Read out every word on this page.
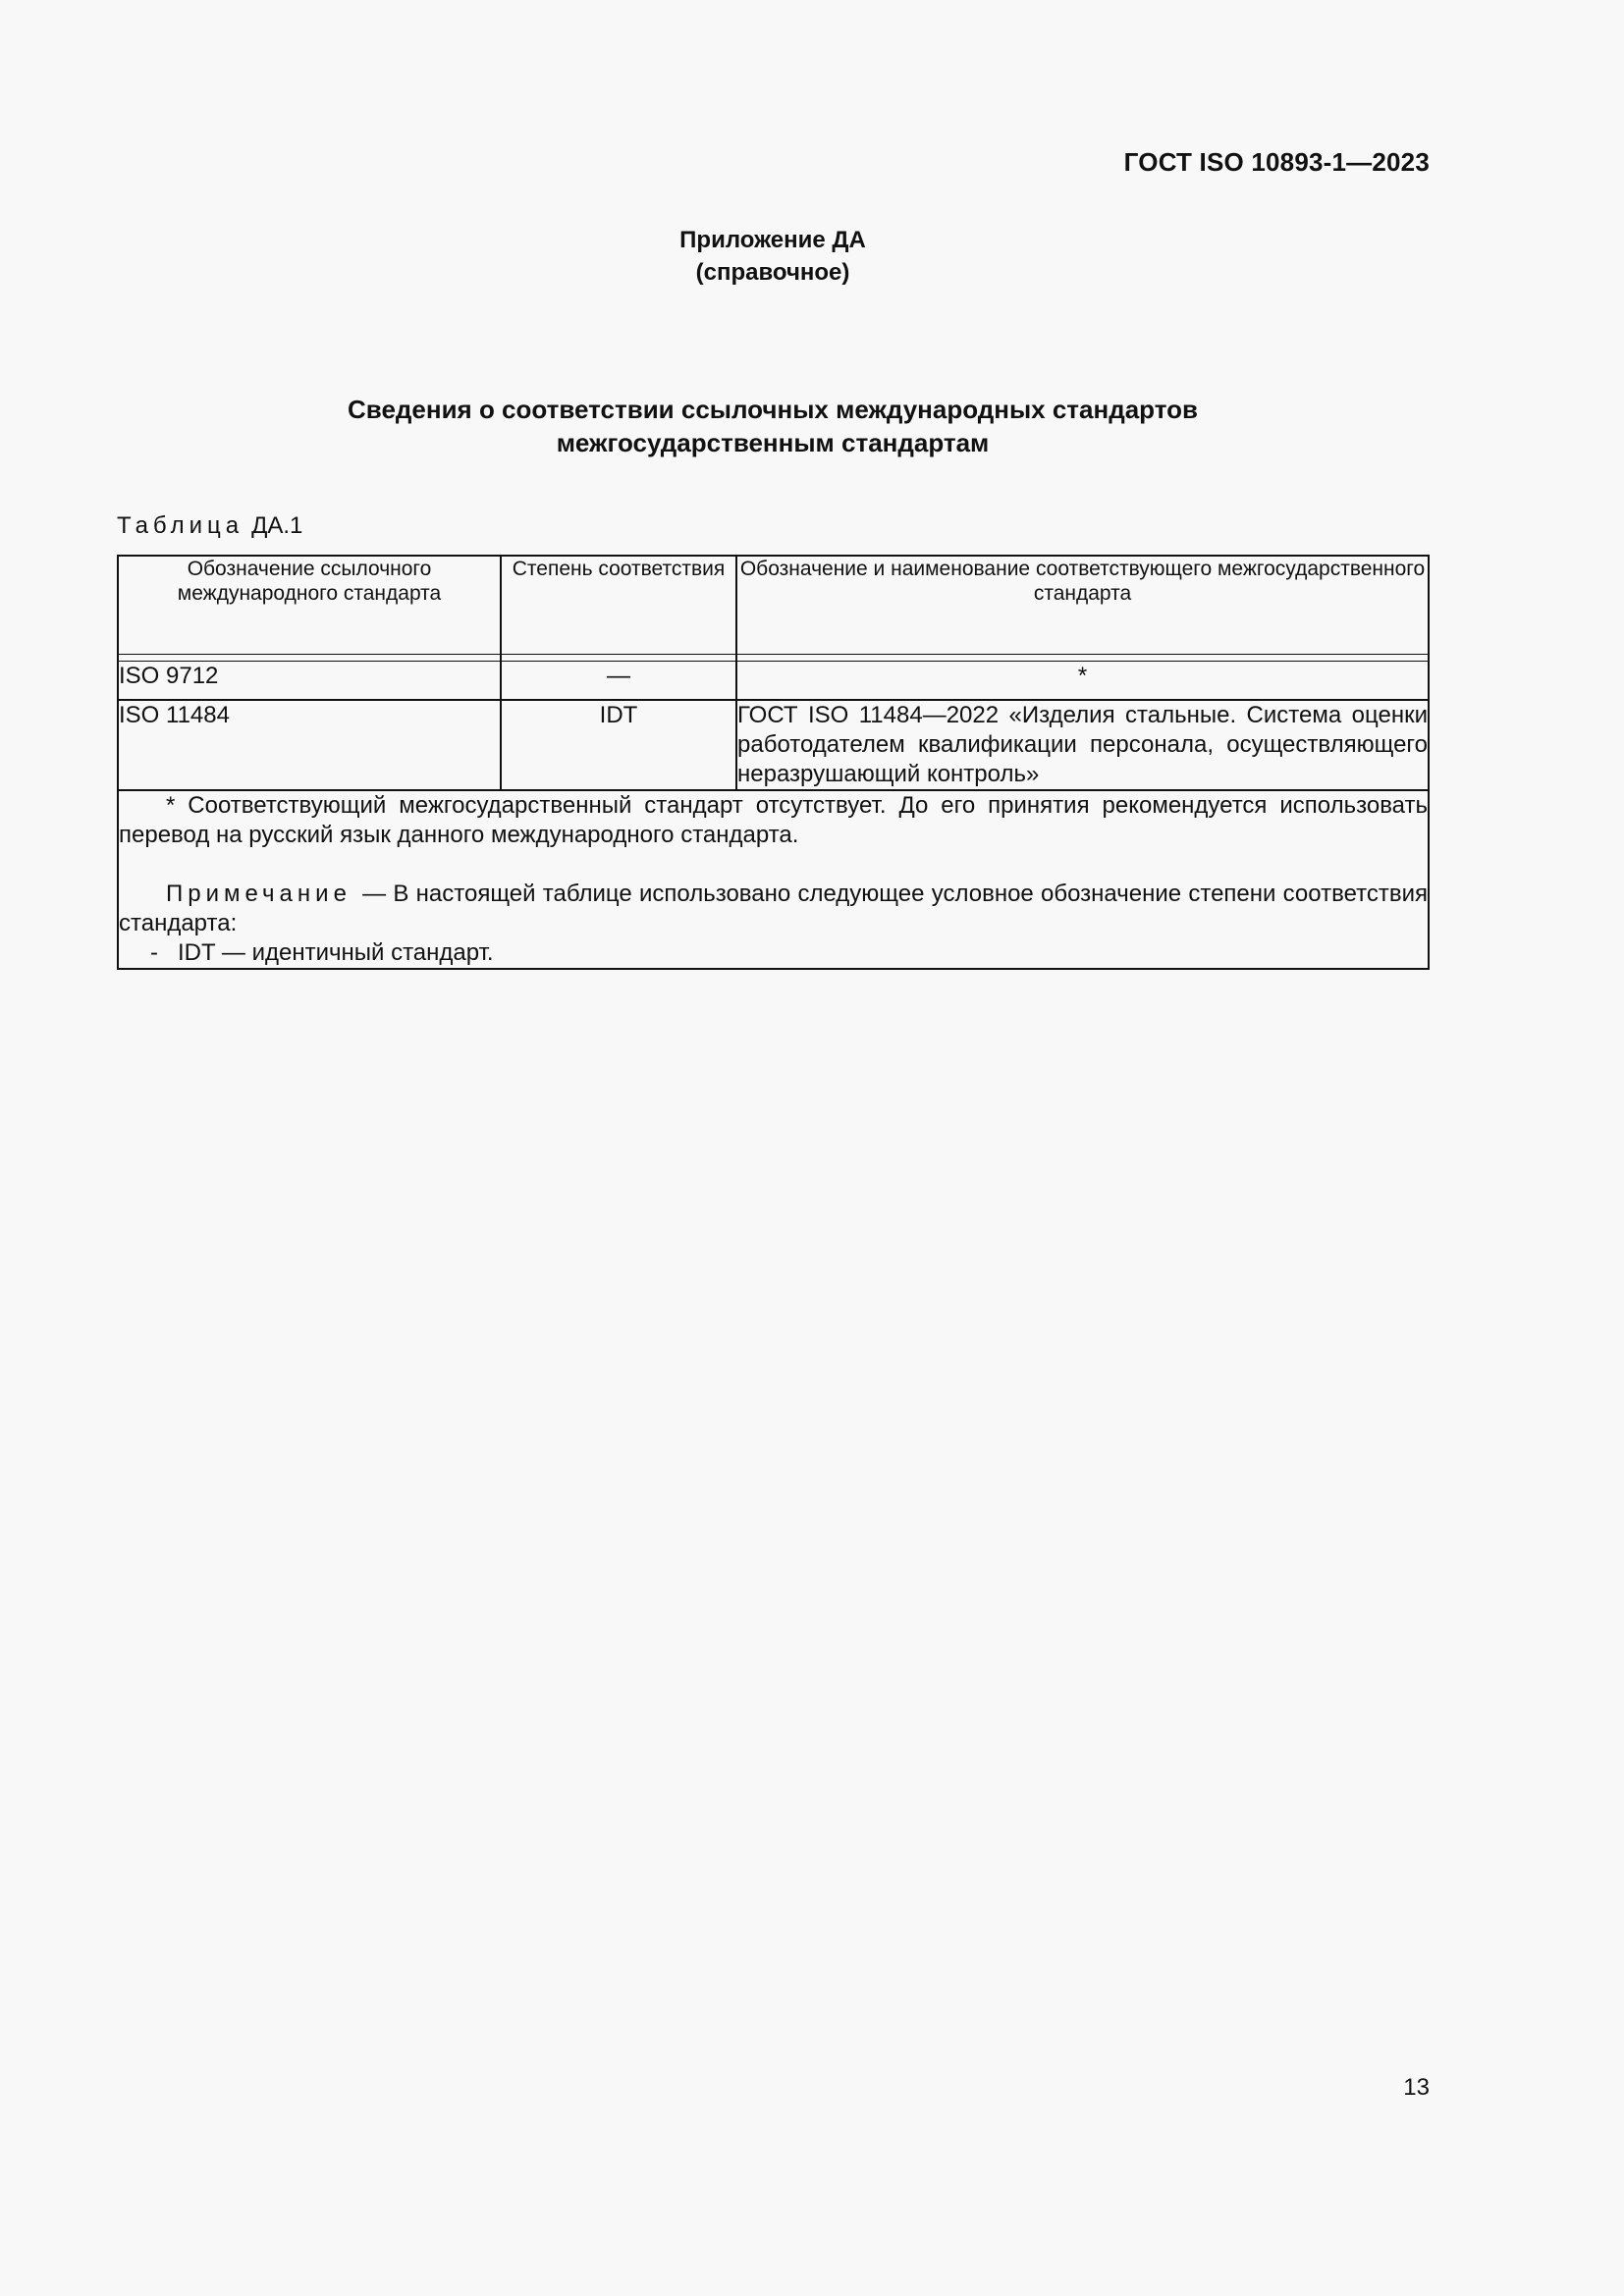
ГОСТ ISO 10893-1—2023
Приложение ДА
(справочное)
Сведения о соответствии ссылочных международных стандартов
межгосударственным стандартам
Таблица ДА.1
Обозначение ссылочного международного стандарта	Степень соответствия	Обозначение и наименование соответствующего межгосударственного стандарта

ISO 9712	—	*
ISO 11484	IDT	ГОСТ ISO 11484—2022 «Изделия стальные. Система оценки работодателем квалификации персонала, осуществляющего неразрушающий контроль»

* Соответствующий межгосударственный стандарт отсутствует. До его принятия рекомендуется использовать перевод на русский язык данного международного стандарта.

Примечание — В настоящей таблице использовано следующее условное обозначение степени соответствия стандарта:

- IDT — идентичный стандарт.		

13
